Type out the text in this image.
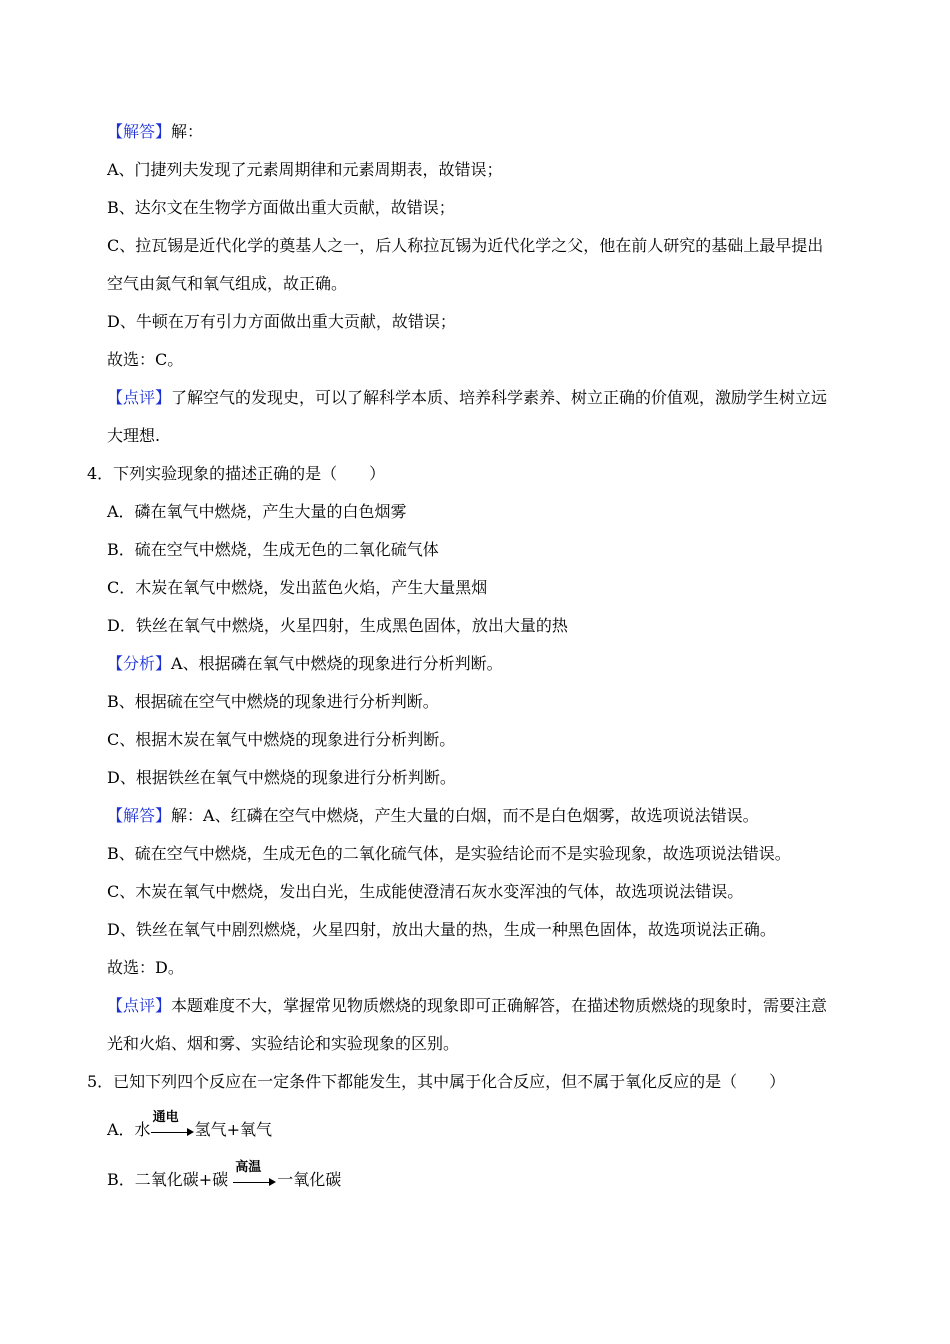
【解答】解：
A、门捷列夫发现了元素周期律和元素周期表，故错误；
B、达尔文在生物学方面做出重大贡献，故错误；
C、拉瓦锡是近代化学的奠基人之一，后人称拉瓦锡为近代化学之父，他在前人研究的基础上最早提出
空气由氮气和氧气组成，故正确。
D、牛顿在万有引力方面做出重大贡献，故错误；
故选：C。
【点评】了解空气的发现史，可以了解科学本质、培养科学素养、树立正确的价值观，激励学生树立远
大理想.
4．下列实验现象的描述正确的是（　　）
A．磷在氧气中燃烧，产生大量的白色烟雾
B．硫在空气中燃烧，生成无色的二氧化硫气体
C．木炭在氧气中燃烧，发出蓝色火焰，产生大量黑烟
D．铁丝在氧气中燃烧，火星四射，生成黑色固体，放出大量的热
【分析】A、根据磷在氧气中燃烧的现象进行分析判断。
B、根据硫在空气中燃烧的现象进行分析判断。
C、根据木炭在氧气中燃烧的现象进行分析判断。
D、根据铁丝在氧气中燃烧的现象进行分析判断。
【解答】解：A、红磷在空气中燃烧，产生大量的白烟，而不是白色烟雾，故选项说法错误。
B、硫在空气中燃烧，生成无色的二氧化硫气体，是实验结论而不是实验现象，故选项说法错误。
C、木炭在氧气中燃烧，发出白光，生成能使澄清石灰水变浑浊的气体，故选项说法错误。
D、铁丝在氧气中剧烈燃烧，火星四射，放出大量的热，生成一种黑色固体，故选项说法正确。
故选：D。
【点评】本题难度不大，掌握常见物质燃烧的现象即可正确解答，在描述物质燃烧的现象时，需要注意
光和火焰、烟和雾、实验结论和实验现象的区别。
5．已知下列四个反应在一定条件下都能发生，其中属于化合反应，但不属于氧化反应的是（　　）
A．水
通电
氢气+氧气
B．二氧化碳+碳
高温
一氧化碳
